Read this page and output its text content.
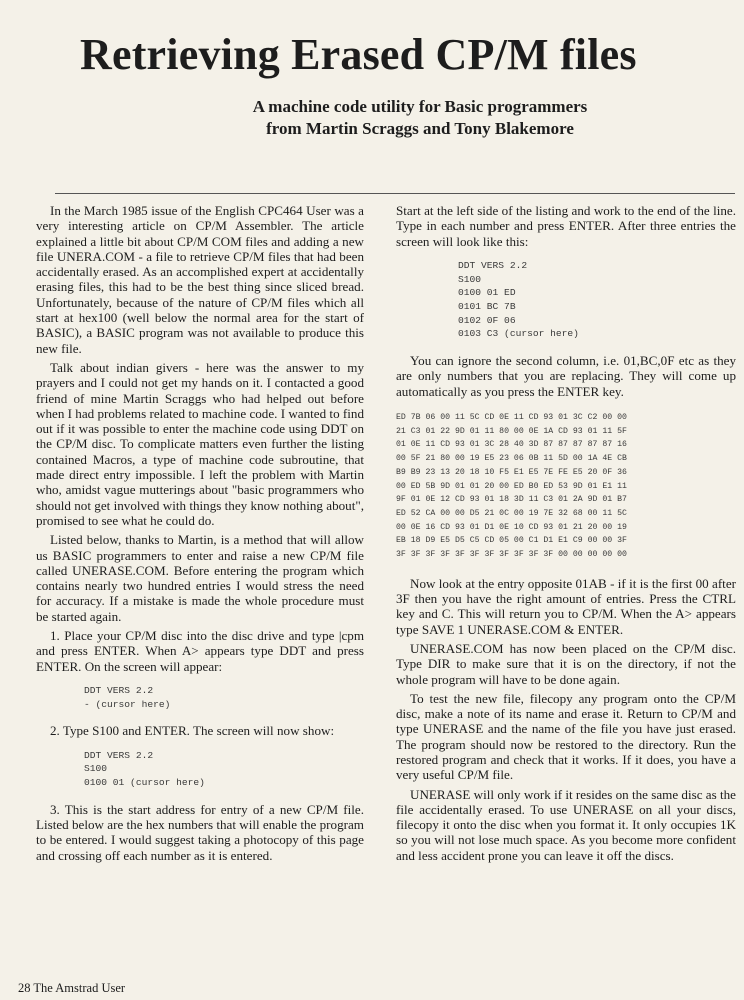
Retrieving Erased CP/M files
A machine code utility for Basic programmers
from Martin Scraggs and Tony Blakemore

In the March 1985 issue of the English CPC464 User was a very interesting article on CP/M Assembler. The article explained a little bit about CP/M COM files and adding a new file UNERA.COM - a file to retrieve CP/M files that had been accidentally erased. As an accomplished expert at accidentally erasing files, this had to be the best thing since sliced bread. Unfortunately, because of the nature of CP/M files which all start at hex100 (well below the normal area for the start of BASIC), a BASIC program was not available to produce this new file.

Talk about indian givers - here was the answer to my prayers and I could not get my hands on it. I contacted a good friend of mine Martin Scraggs who had helped out before when I had problems related to machine code. I wanted to find out if it was possible to enter the machine code using DDT on the CP/M disc. To complicate matters even further the listing contained Macros, a type of machine code subroutine, that made direct entry impossible. I left the problem with Martin who, amidst vague mutterings about "basic programmers who should not get involved with things they know nothing about", promised to see what he could do.

Listed below, thanks to Martin, is a method that will allow us BASIC programmers to enter and raise a new CP/M file called UNERASE.COM. Before entering the program which contains nearly two hundred entries I would stress the need for accuracy. If a mistake is made the whole procedure must be started again.

1. Place your CP/M disc into the disc drive and type |cpm and press ENTER. When A> appears type DDT and press ENTER. On the screen will appear:

DDT VERS 2.2
- (cursor here)

2. Type S100 and ENTER. The screen will now show:

DDT VERS 2.2
S100
0100 01 (cursor here)

3. This is the start address for entry of a new CP/M file. Listed below are the hex numbers that will enable the program to be entered. I would suggest taking a photocopy of this page and crossing off each number as it is entered.

Start at the left side of the listing and work to the end of the line. Type in each number and press ENTER. After three entries the screen will look like this:

DDT VERS 2.2
S100
0100 01 ED
0101 BC 7B
0102 0F 06
0103 C3 (cursor here)

You can ignore the second column, i.e. 01,BC,0F etc as they are only numbers that you are replacing. They will come up automatically as you press the ENTER key.

ED 7B 06 00 11 5C CD 0E 11 CD 93 01 3C C2 00 00
21 C3 01 22 9D 01 11 80 00 0E 1A CD 93 01 11 5F
01 0E 11 CD 93 01 3C 28 40 3D 87 87 87 87 87 16
00 5F 21 80 00 19 E5 23 06 0B 11 5D 00 1A 4E CB
B9 B9 23 13 20 18 10 F5 E1 E5 7E FE E5 20 0F 36
00 ED 5B 9D 01 01 20 00 ED B0 ED 53 9D 01 E1 11
9F 01 0E 12 CD 93 01 18 3D 11 C3 01 2A 9D 01 B7
ED 52 CA 00 00 D5 21 0C 00 19 7E 32 68 00 11 5C
00 0E 16 CD 93 01 D1 0E 10 CD 93 01 21 20 00 19
EB 18 D9 E5 D5 C5 CD 05 00 C1 D1 E1 C9 00 00 3F
3F 3F 3F 3F 3F 3F 3F 3F 3F 3F 3F 00 00 00 00 00

Now look at the entry opposite 01AB - if it is the first 00 after 3F then you have the right amount of entries. Press the CTRL key and C. This will return you to CP/M. When the A> appears type SAVE 1 UNERASE.COM & ENTER.

UNERASE.COM has now been placed on the CP/M disc. Type DIR to make sure that it is on the directory, if not the whole program will have to be done again.

To test the new file, filecopy any program onto the CP/M disc, make a note of its name and erase it. Return to CP/M and type UNERASE and the name of the file you have just erased. The program should now be restored to the directory. Run the restored program and check that it works. If it does, you have a very useful CP/M file.

UNERASE will only work if it resides on the same disc as the file accidentally erased. To use UNERASE on all your discs, filecopy it onto the disc when you format it. It only occupies 1K so you will not lose much space. As you become more confident and less accident prone you can leave it off the discs.

28 The Amstrad User
